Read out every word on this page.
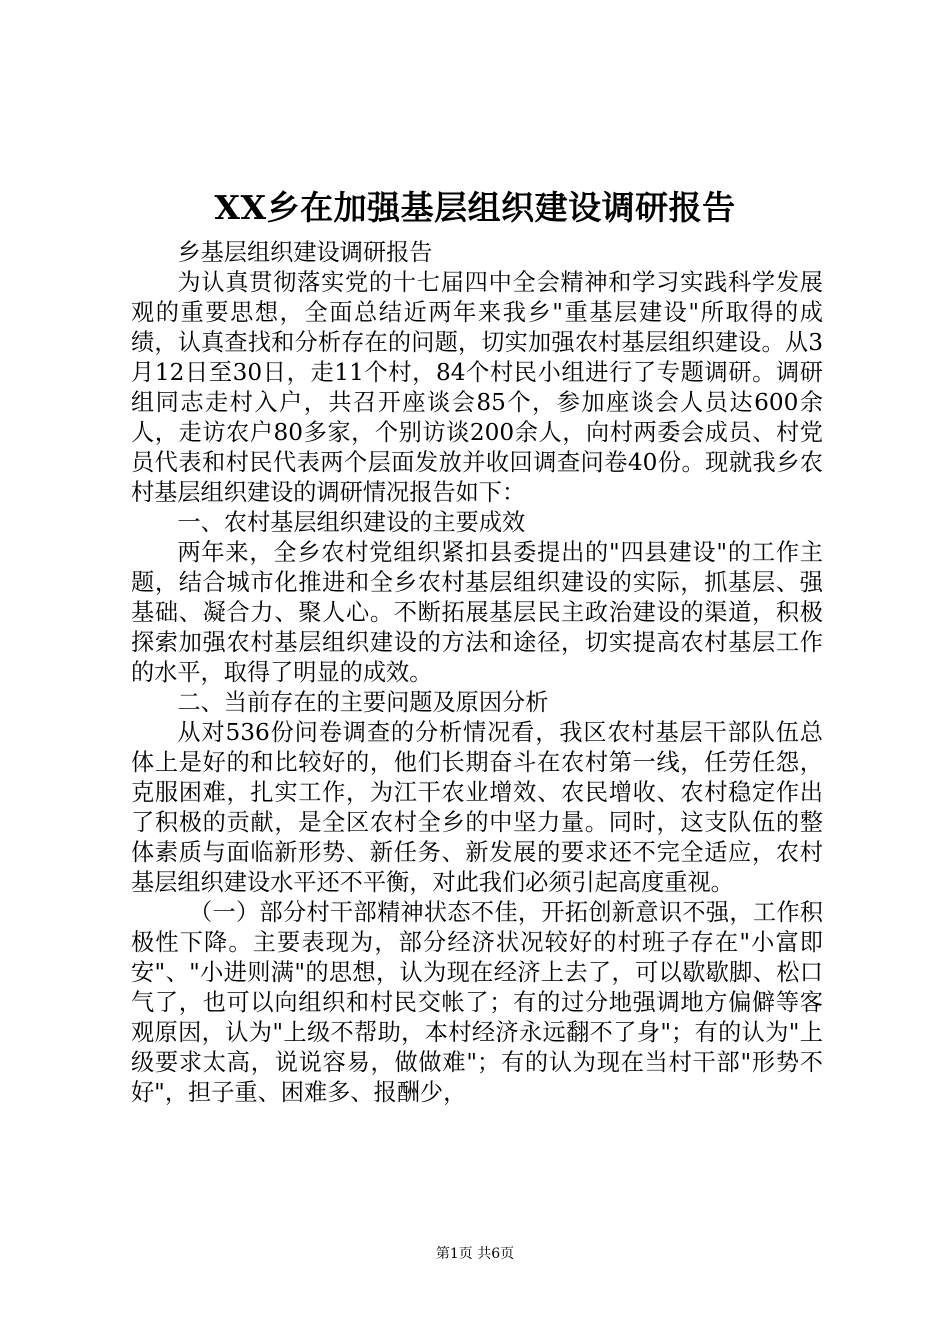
XX乡在加强基层组织建设调研报告

乡基层组织建设调研报告

为认真贯彻落实党的十七届四中全会精神和学习实践科学发展观的重要思想，全面总结近两年来我乡"重基层建设"所取得的成绩，认真查找和分析存在的问题，切实加强农村基层组织建设。从3月12日至30日，走11个村，84个村民小组进行了专题调研。调研组同志走村入户，共召开座谈会85个，参加座谈会人员达600余人，走访农户80多家，个别访谈200余人，向村两委会成员、村党员代表和村民代表两个层面发放并收回调查问卷40份。现就我乡农村基层组织建设的调研情况报告如下：

一、农村基层组织建设的主要成效

两年来，全乡农村党组织紧扣县委提出的"四县建设"的工作主题，结合城市化推进和全乡农村基层组织建设的实际，抓基层、强基础、凝合力、聚人心。不断拓展基层民主政治建设的渠道，积极探索加强农村基层组织建设的方法和途径，切实提高农村基层工作的水平，取得了明显的成效。

二、当前存在的主要问题及原因分析

从对536份问卷调查的分析情况看，我区农村基层干部队伍总体上是好的和比较好的，他们长期奋斗在农村第一线，任劳任怨，克服困难，扎实工作，为江干农业增效、农民增收、农村稳定作出了积极的贡献，是全区农村全乡的中坚力量。同时，这支队伍的整体素质与面临新形势、新任务、新发展的要求还不完全适应，农村基层组织建设水平还不平衡，对此我们必须引起高度重视。

（一）部分村干部精神状态不佳，开拓创新意识不强，工作积极性下降。主要表现为，部分经济状况较好的村班子存在"小富即安"、"小进则满"的思想，认为现在经济上去了，可以歇歇脚、松口气了，也可以向组织和村民交帐了；有的过分地强调地方偏僻等客观原因，认为"上级不帮助，本村经济永远翻不了身"；有的认为"上级要求太高，说说容易，做做难"；有的认为现在当村干部"形势不好"，担子重、困难多、报酬少，

第1页 共6页
